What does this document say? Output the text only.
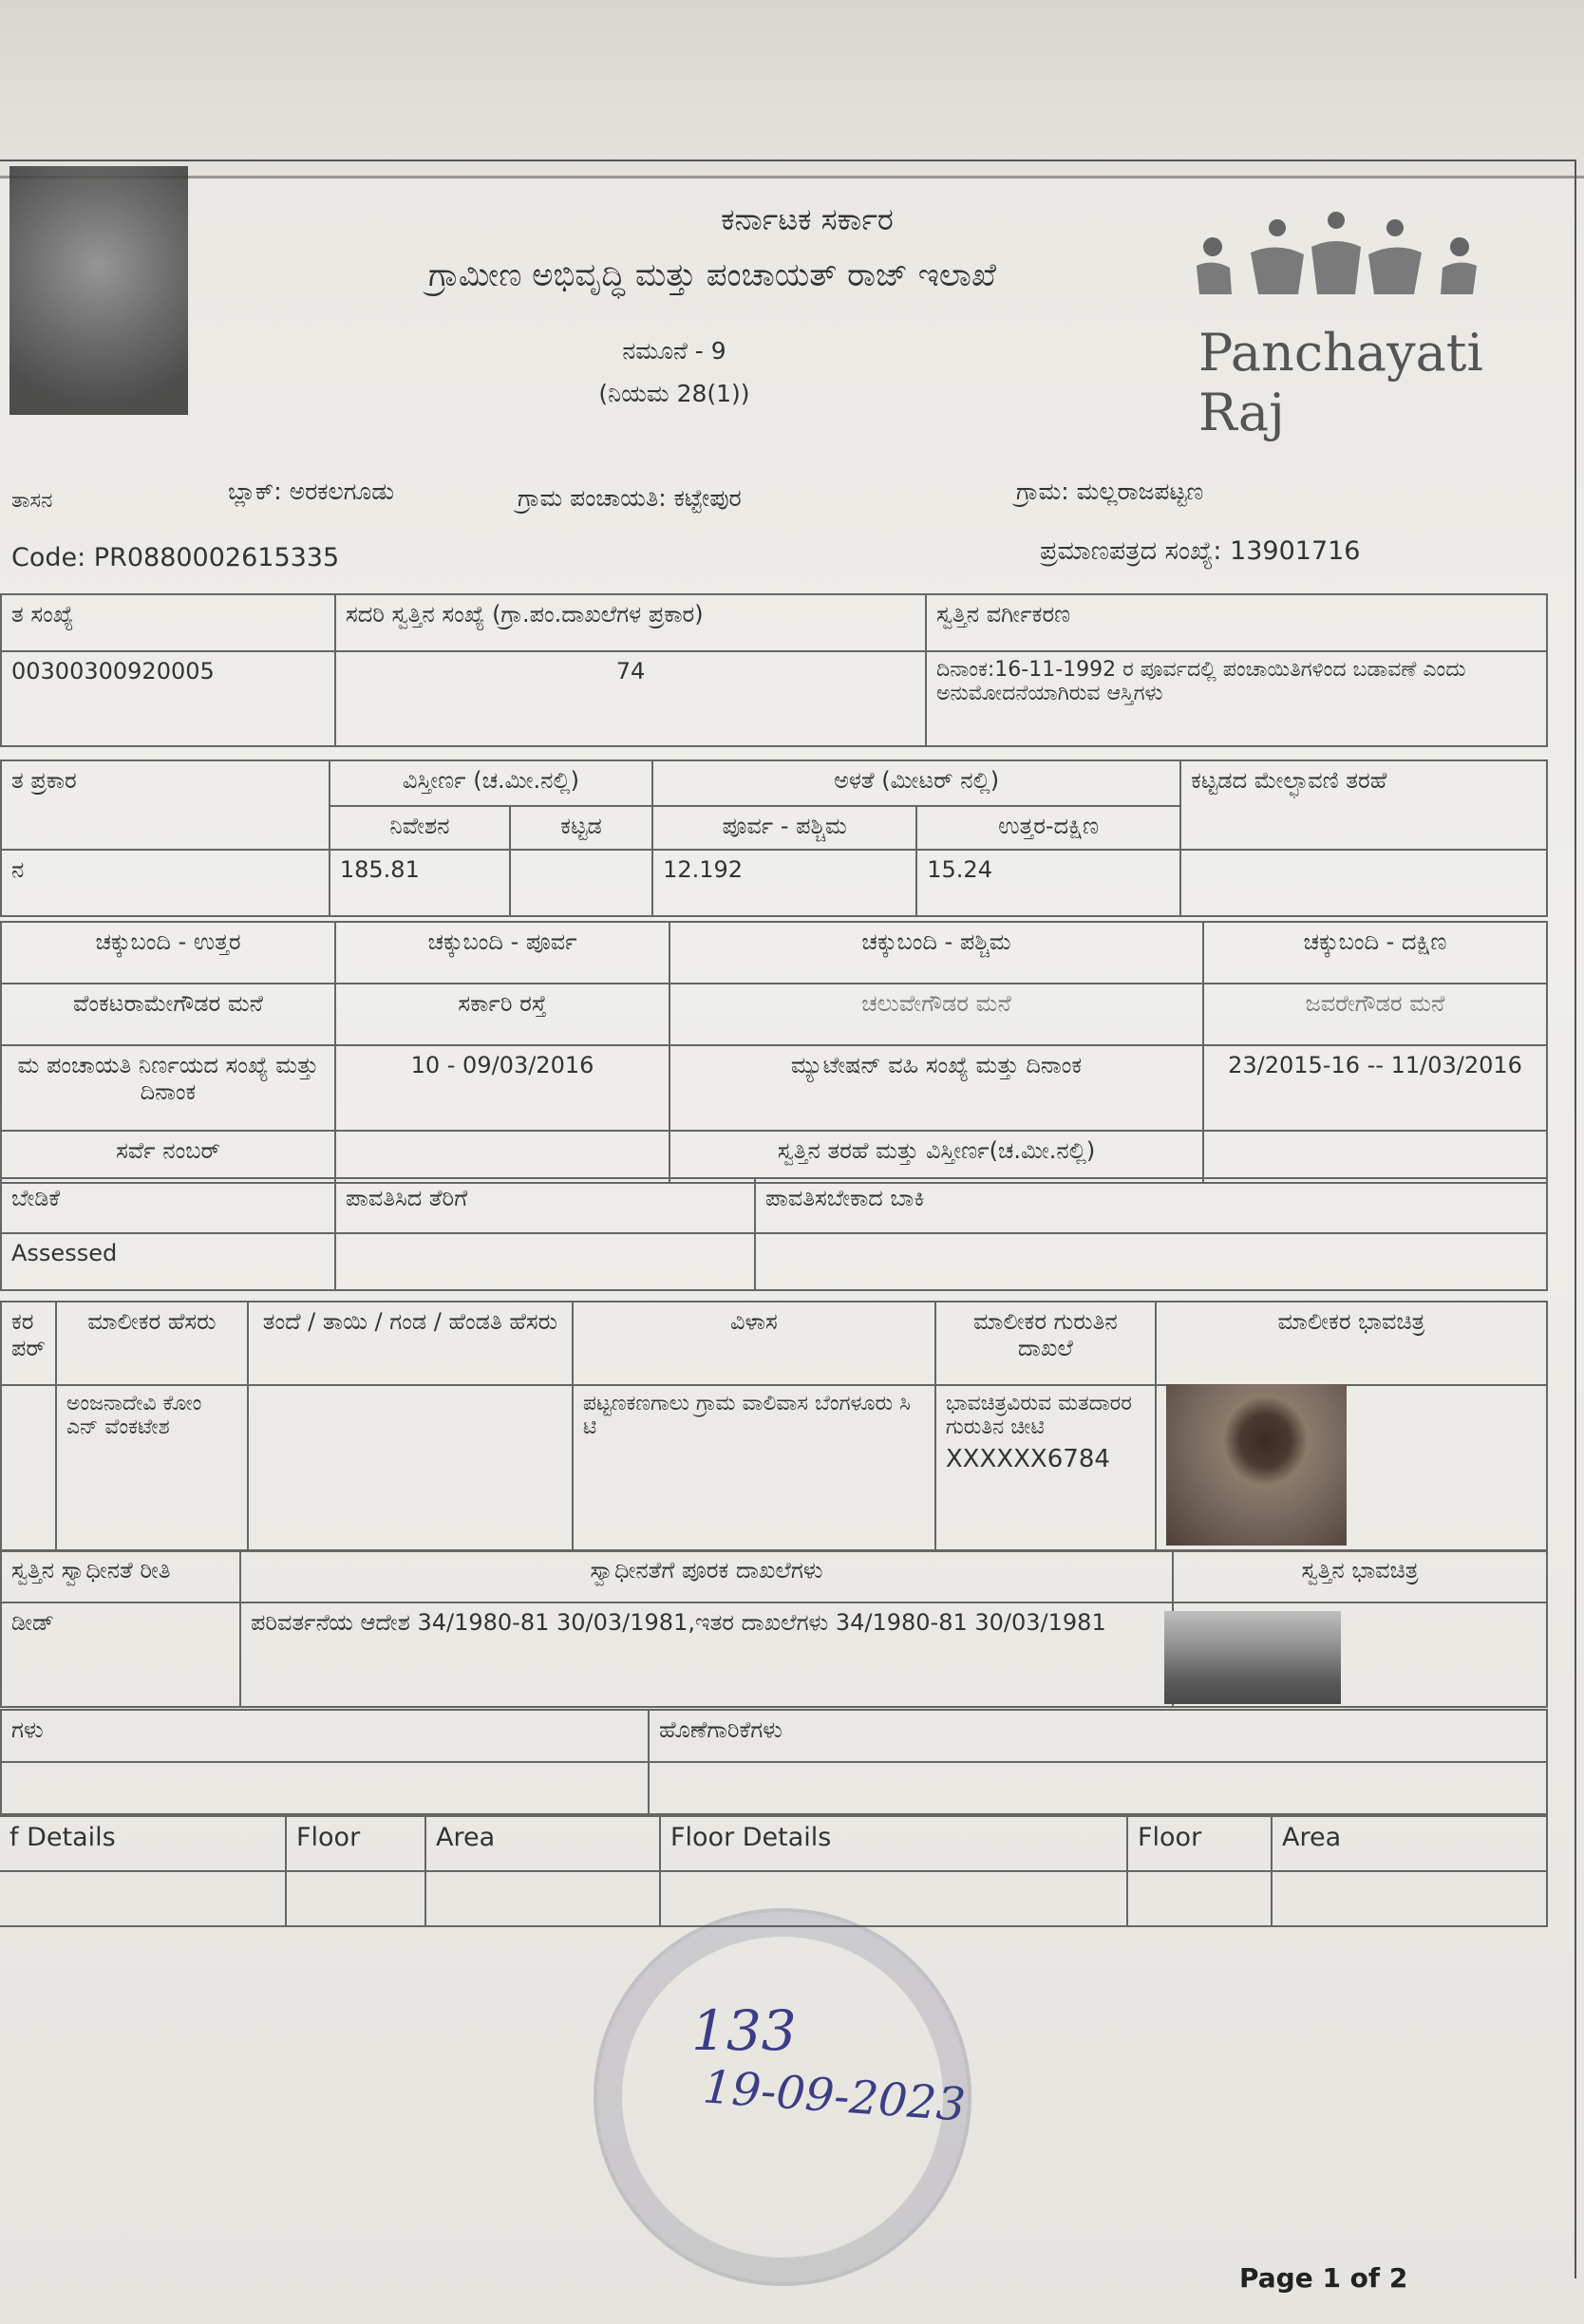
ಕರ್ನಾಟಕ ಸರ್ಕಾರ
ಗ್ರಾಮೀಣ ಅಭಿವೃದ್ಧಿ ಮತ್ತು ಪಂಚಾಯತ್ ರಾಜ್ ಇಲಾಖೆ
ನಮೂನೆ - 9
(ನಿಯಮ 28(1))
Panchayati Raj
ತಾಸನ	ಬ್ಲಾಕ್: ಅರಕಲಗೂಡು	ಗ್ರಾಮ ಪಂಚಾಯತಿ: ಕಟ್ಟೇಪುರ	ಗ್ರಾಮ: ಮಲ್ಲರಾಜಪಟ್ಟಣ
Code: PR0880002615335	ಪ್ರಮಾಣಪತ್ರದ ಸಂಖ್ಯೆ: 13901716
ತ ಸಂಖ್ಯೆ	ಸದರಿ ಸ್ವತ್ತಿನ ಸಂಖ್ಯೆ (ಗ್ರಾ.ಪಂ.ದಾಖಲೆಗಳ ಪ್ರಕಾರ)	ಸ್ವತ್ತಿನ ವರ್ಗೀಕರಣ
00300300920005	74	ದಿನಾಂಕ:16-11-1992 ರ ಪೂರ್ವದಲ್ಲಿ ಪಂಚಾಯಿತಿಗಳಿಂದ ಬಡಾವಣೆ ಎಂದು ಅನುಮೋದನೆಯಾಗಿರುವ ಆಸ್ತಿಗಳು
ತ ಪ್ರಕಾರ	ವಿಸ್ತೀರ್ಣ (ಚ.ಮೀ.ನಲ್ಲಿ)		ಅಳತೆ (ಮೀಟರ್ ನಲ್ಲಿ)		ಕಟ್ಟಡದ ಮೇಲ್ಛಾವಣಿ ತರಹೆ
	ನಿವೇಶನ	ಕಟ್ಟಡ	ಪೂರ್ವ - ಪಶ್ಚಿಮ	ಉತ್ತರ-ದಕ್ಷಿಣ	
ನ	185.81		12.192	15.24	
ಚಕ್ಕುಬಂದಿ - ಉತ್ತರ	ಚಕ್ಕುಬಂದಿ - ಪೂರ್ವ	ಚಕ್ಕುಬಂದಿ - ಪಶ್ಚಿಮ	ಚಕ್ಕುಬಂದಿ - ದಕ್ಷಿಣ
ವೆಂಕಟರಾಮೇಗೌಡರ ಮನೆ	ಸರ್ಕಾರಿ ರಸ್ತೆ	ಚಲುವೇಗೌಡರ ಮನೆ	ಜವರೇಗೌಡರ ಮನೆ
ಮ ಪಂಚಾಯತಿ ನಿರ್ಣಯದ ಸಂಖ್ಯೆ ಮತ್ತು ದಿನಾಂಕ	10 - 09/03/2016	ಮ್ಯುಟೇಷನ್ ವಹಿ ಸಂಖ್ಯೆ ಮತ್ತು ದಿನಾಂಕ	23/2015-16 -- 11/03/2016
ಸರ್ವೆ ನಂಬರ್		ಸ್ವತ್ತಿನ ತರಹೆ ಮತ್ತು ವಿಸ್ತೀರ್ಣ(ಚ.ಮೀ.ನಲ್ಲಿ)	
ಬೇಡಿಕೆ	ಪಾವತಿಸಿದ ತೆರಿಗೆ	ಪಾವತಿಸಬೇಕಾದ ಬಾಕಿ
Assessed		
ಕರ ಪರ್	ಮಾಲೀಕರ ಹೆಸರು	ತಂದೆ / ತಾಯಿ / ಗಂಡ / ಹೆಂಡತಿ ಹೆಸರು	ವಿಳಾಸ	ಮಾಲೀಕರ ಗುರುತಿನ ದಾಖಲೆ	ಮಾಲೀಕರ ಭಾವಚಿತ್ರ
	ಅಂಜನಾದೇವಿ ಕೋಂ ಎನ್ ವೆಂಕಟೇಶ		ಪಟ್ಟಣಕಣಗಾಲು ಗ್ರಾಮ ವಾಲಿವಾಸ ಬೆಂಗಳೂರು ಸಿ ಟಿ	ಭಾವಚಿತ್ರವಿರುವ ಮತದಾರರ ಗುರುತಿನ ಚೀಟಿ
XXXXXX6784	

ಸ್ವತ್ತಿನ ಸ್ವಾಧೀನತೆ ರೀತಿ	ಸ್ವಾಧೀನತೆಗೆ ಪೂರಕ ದಾಖಲೆಗಳು	ಸ್ವತ್ತಿನ ಭಾವಚಿತ್ರ
ಡೀಡ್	ಪರಿವರ್ತನೆಯ ಆದೇಶ 34/1980-81 30/03/1981,ಇತರ ದಾಖಲೆಗಳು 34/1980-81 30/03/1981	
ಗಳು	ಹೊಣೆಗಾರಿಕೆಗಳು

f Details	Floor	Area	Floor Details	Floor	Area

133
19-09-2023
Page 1 of 2
